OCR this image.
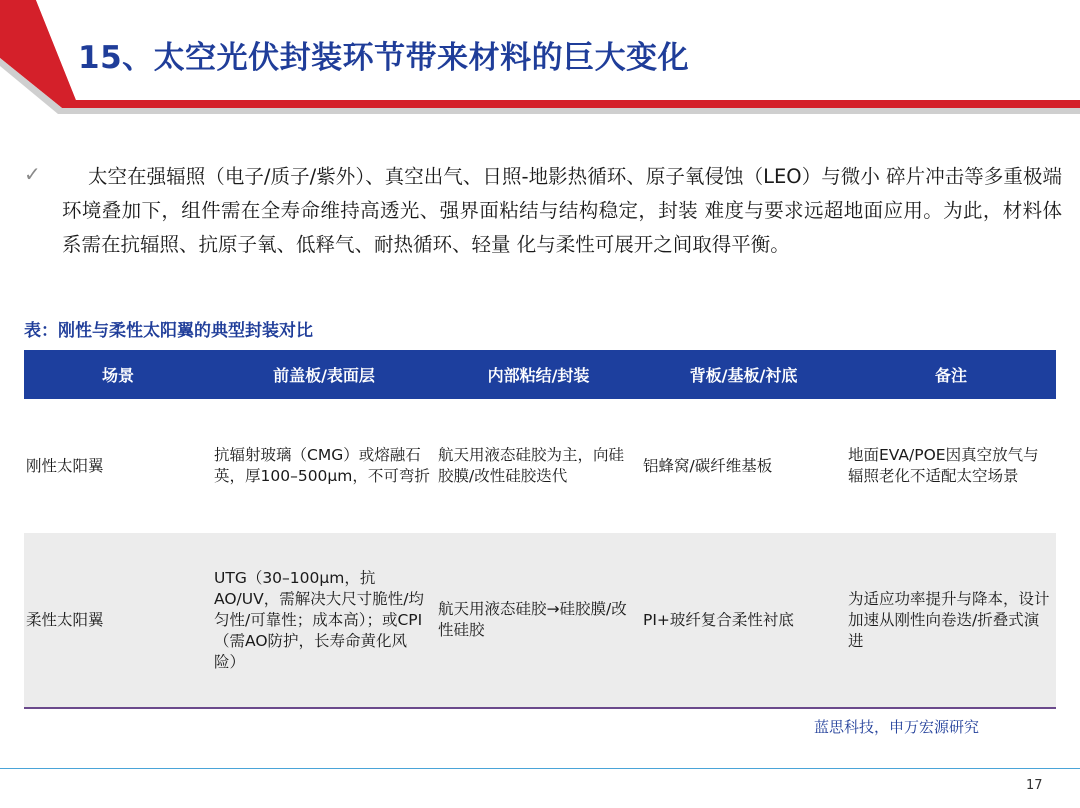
15、太空光伏封装环节带来材料的巨大变化
✓	太空在强辐照（电子/质子/紫外）、真空出气、日照-地影热循环、原子氧侵蚀（LEO）与微小 碎片冲击等多重极端环境叠加下，组件需在全寿命维持高透光、强界面粘结与结构稳定，封装 难度与要求远超地面应用。为此，材料体系需在抗辐照、抗原子氧、低释气、耐热循环、轻量 化与柔性可展开之间取得平衡。
表：刚性与柔性太阳翼的典型封装对比
场景	前盖板/表面层	内部粘结/封装	背板/基板/衬底	备注
刚性太阳翼	抗辐射玻璃（CMG）或熔融石英，厚100–500μm，不可弯折	航天用液态硅胶为主，向硅胶膜/改性硅胶迭代	铝蜂窝/碳纤维基板	地面EVA/POE因真空放气与辐照老化不适配太空场景
柔性太阳翼	UTG（30–100μm，抗AO/UV，需解决大尺寸脆性/均匀性/可靠性；成本高）；或CPI（需AO防护，长寿命黄化风险）	航天用液态硅胶→硅胶膜/改性硅胶	PI+玻纤复合柔性衬底	为适应功率提升与降本，设计加速从刚性向卷迭/折叠式演进
蓝思科技，申万宏源研究
17
